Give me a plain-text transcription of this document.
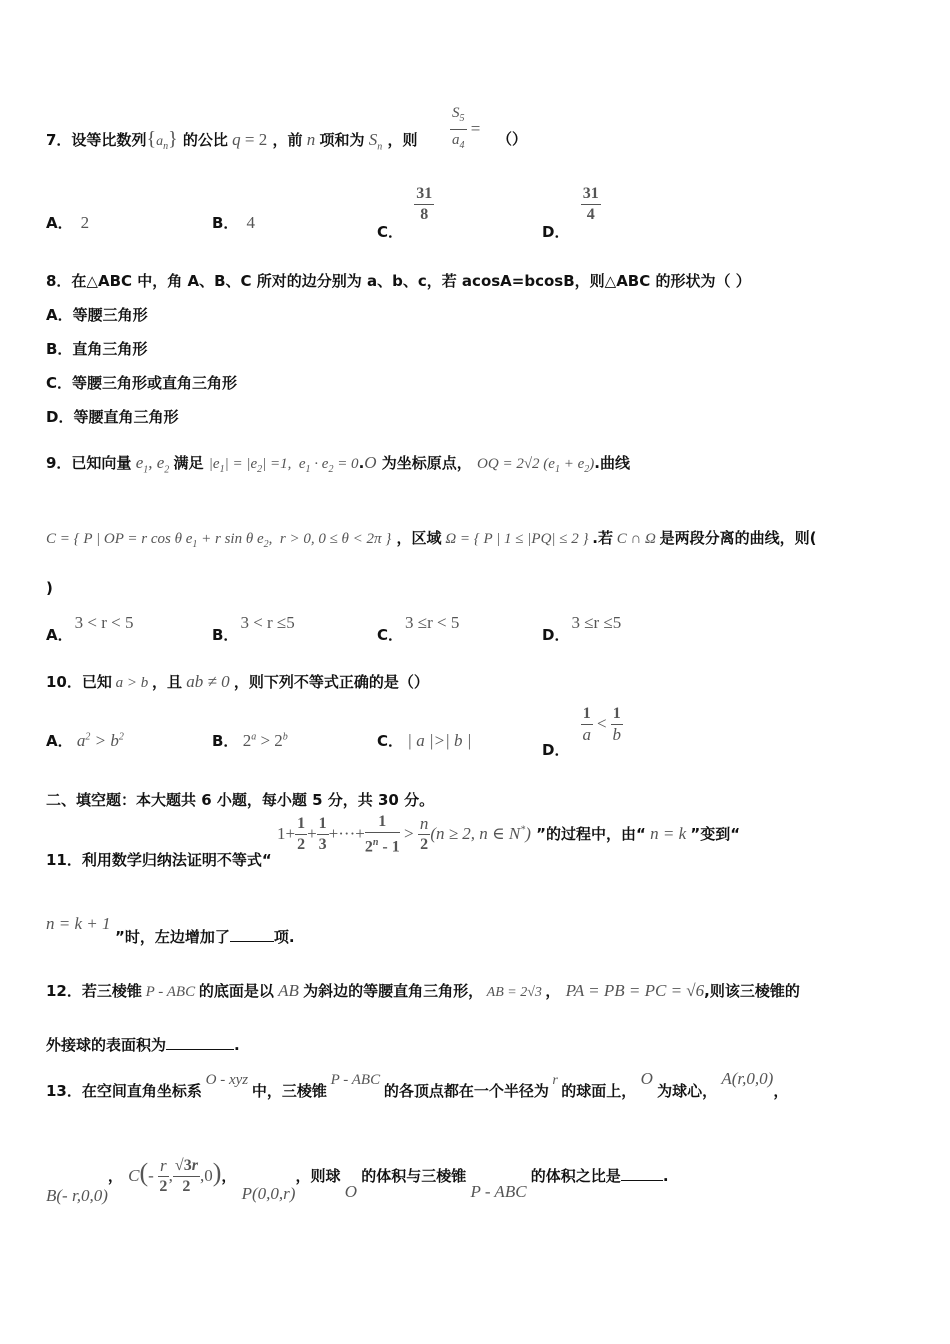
7．设等比数列$\{a_n\}$ 的公比 q = 2 ，前 n 项和为 $S_n$ ，则 $\frac{S_5}{a_4}$ =
（）
A． 2	B． 4	C．
$\frac{31}{8}$
D．
$\frac{31}{4}$
8．在△ABC 中，角 A、B、C 所对的边分别为 a、b、c，若 acosA=bcosB，则△ABC 的形状为（ ）
A．等腰三角形
B．直角三角形
C．等腰三角形或直角三角形
D．等腰直角三角形
9．已知向量 $e_1$, $e_2$ 满足 $|e_1| = |e_2| =1$,  $e_1 \cdot e_2 = 0.O$ 为坐标原点， OQ = 2√2 $(e_1 + e_2)$.曲线
C = { P | OP = r cos θ $e_1 + r$ sin θ $e_2$,  r > 0, 0 ≤ θ < 2π } ，区域 Ω = { P | 1 ≤ |PQ| ≤ 2 } .若 C ∩ Ω 是两段分离的曲线，则(
)
A．3 < r < 5
B．3 < r ≤5
C．3 ≤r < 5
D．3 ≤r ≤5
10．已知 a > b ，且 ab ≠ 0 ，则下列不等式正确的是（）
A． $a^2 > b^2$	B． $2^a > 2^b$	C． | a |>| b |	D．
$\frac{1}{a} < \frac{1}{b}$
二、填空题：本大题共 6 小题，每小题 5 分，共 30 分。
11．利用数学归纳法证明不等式“ $1+ \frac{1}{2} + \frac{1}{3}$ +···+ $\frac{1}{2^n - 1} > \frac{n}{2} (n \ge 2$, n ∈ N*) ”的过程中，由“ n = k ”变到“
n = k + 1
”时，左边增加了	项.
12．若三棱锥 P - ABC 的底面是以 AB 为斜边的等腰直角三角形， AB = 2√3 ， PA = PB = PC = √6,则该三棱锥的
外接球的表面积为	.
13．在空间直角坐标系 O - xyz 中，三棱锥 P - ABC 的各顶点都在一个半径为 r 的球面上， O 为球心， A(r,0,0)，
B(- r,0,0)， $C(- \frac{r}{2}$ , $\frac{√3r}{2} ,0$)， P(0,0,r)，则球 O 的体积与三棱锥 P - ABC 的体积之比是	.
